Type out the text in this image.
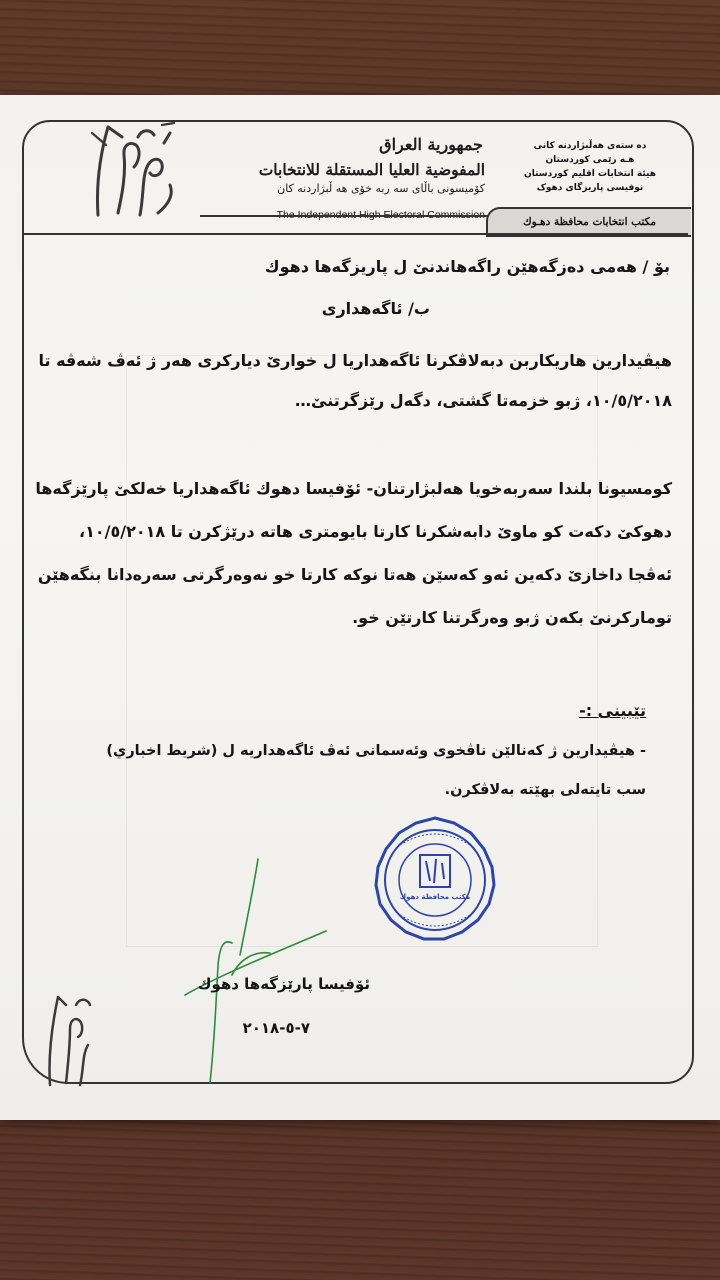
جمهورية العراق
المفوضية العليا المستقلة للانتخابات
كۆميسونى باڵاى سه ربه خۆى هه ڵبژاردنه كان
ده ستەی هەڵبژاردنە کانی
هـه رێمی کوردستان
هيئة انتخابات اقليم كوردستان
نوفيسی پاريزگای دهوک
مكتب انتخابات محافظة دهـوك
بۆ / هەمی دەزگەهێن راگەهاندنێ ل پاریزگەها دهوك
ب/ ئاگەهداری
هيڤيدارين هاريكاربن دبەلاڤكرنا ئاگەهداريا ل خوارێ دياركری هەر ژ ئەڤ شەڤە تا ١٠/٥/٢٠١٨، ژبو خزمەتا گشتی، دگەل رێزگرتنێ…
كومسيونا بلندا سەربەخويا هەلبژارتنان- ئۆفيسا دهوك ئاگەهداريا خەلكێ پارێزگەها دهوكێ دكەت كو ماوێ دابەشكرنا كارتا بايومتری هاتە درێژكرن تا ١٠/٥/٢٠١٨، ئەڤجا داخازێ دكەين ئەو كەسێن هەتا نوكە كارتا خو نەوەرگرتی سەرەدانا بنگەهێن تومارکرنێ بکەن ژبو وەرگرتنا کارتێن خو.
تێبینی :-
- هيڤيدارين ژ كەنالێن ناڤخوی وئەسمانی ئەڤ ئاگەهداريە ل (شريط اخباري) سب تايتەلی بهێتە بەلاڤكرن.
مكتب محافظة دهوك
ئۆفيسا پارێزگەها دهوك
٧-٥-٢٠١٨
